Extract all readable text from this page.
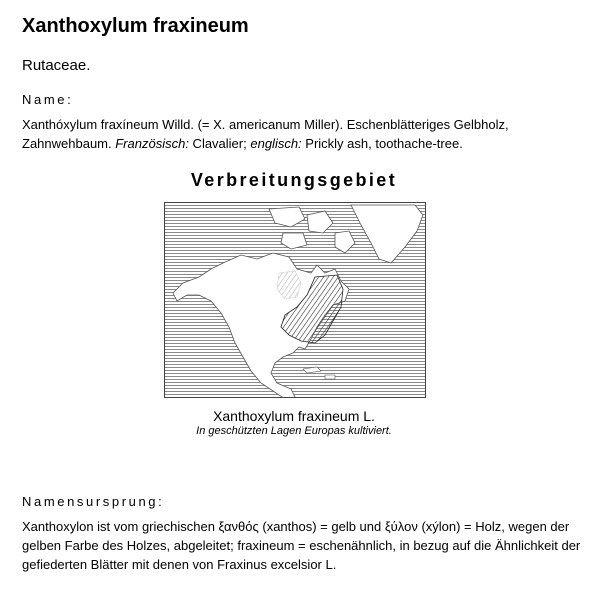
Xanthoxylum fraxineum
Rutaceae.
Name:
Xanthóxylum fraxíneum Willd. (= X. americanum Miller). Eschenblätteriges Gelbholz, Zahnwehbaum. Französisch: Clavalier; englisch: Prickly ash, toothache-tree.
Verbreitungsgebiet
Xanthoxylum fraxineum L.
In geschützten Lagen Europas kultiviert.
Namensursprung:
Xanthoxylon ist vom griechischen ξανθός (xanthos) = gelb und ξύλον (xýlon) = Holz, wegen der gelben Farbe des Holzes, abgeleitet; fraxineum = eschenähnlich, in bezug auf die Ähnlichkeit der gefiederten Blätter mit denen von Fraxinus excelsior L.
